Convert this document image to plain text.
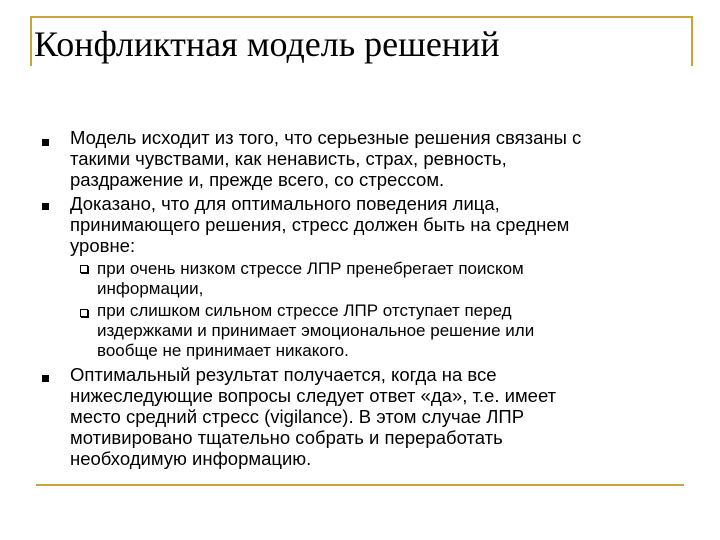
Конфликтная модель решений
Модель исходит из того, что серьезные решения связаны с
такими чувствами, как ненависть, страх, ревность,
раздражение и, прежде всего, со стрессом.
Доказано, что для оптимального поведения лица,
принимающего решения, стресс должен быть на среднем
уровне:
при очень низком стрессе ЛПР пренебрегает поиском
информации,
при слишком сильном стрессе ЛПР отступает перед
издержками и принимает эмоциональное решение или
вообще не принимает никакого.
Оптимальный результат получается, когда на все
нижеследующие вопросы следует ответ «да», т.е. имеет
место средний стресс (vigilance). В этом случае ЛПР
мотивировано тщательно собрать и переработать
необходимую информацию.
